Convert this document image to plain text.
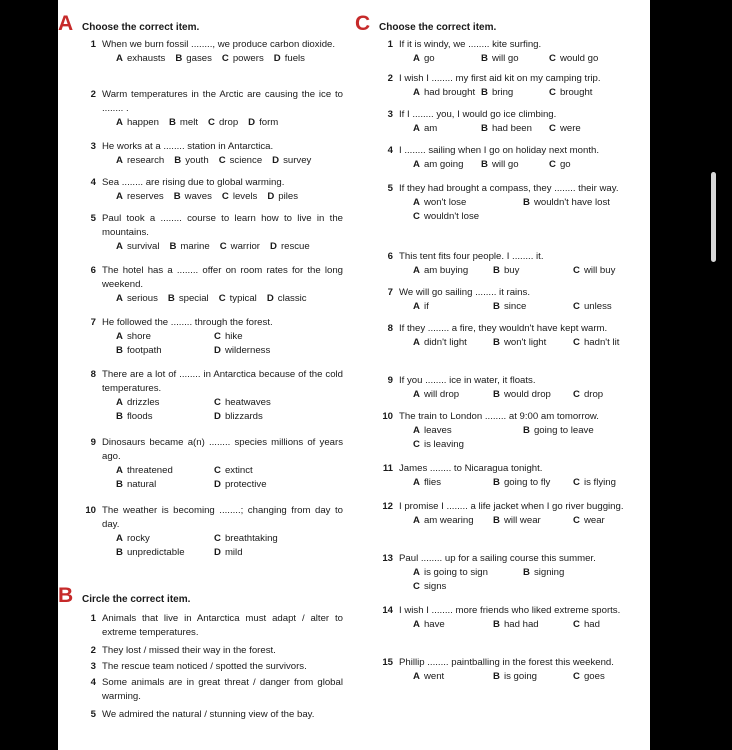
A Choose the correct item.
1 When we burn fossil ........, we produce carbon dioxide.
A exhausts B gases C powers D fuels
2 Warm temperatures in the Arctic are causing the ice to ........ .
A happen B melt C drop D form
3 He works at a ........ station in Antarctica.
A research B youth C science D survey
4 Sea ........ are rising due to global warming.
A reserves B waves C levels D piles
5 Paul took a ........ course to learn how to live in the mountains.
A survival B marine C warrior D rescue
6 The hotel has a ........ offer on room rates for the long weekend.
A serious B special C typical D classic
7 He followed the ........ through the forest.
A shore	C hike
B footpath	D wilderness
8 There are a lot of ........ in Antarctica because of the cold temperatures.
A drizzles	C heatwaves
B floods	D blizzards
9 Dinosaurs became a(n) ........ species millions of years ago.
A threatened	C extinct
B natural	D protective
10 The weather is becoming ........; changing from day to day.
A rocky	C breathtaking
B unpredictable	D mild
B Circle the correct item.
1 Animals that live in Antarctica must adapt / alter to extreme temperatures.
2 They lost / missed their way in the forest.
3 The rescue team noticed / spotted the survivors.
4 Some animals are in great threat / danger from global warming.
5 We admired the natural / stunning view of the bay.
C Choose the correct item.
1 If it is windy, we ........ kite surfing.
A go	B will go	C would go
2 I wish I ........ my first aid kit on my camping trip.
A had brought B bring	C brought
3 If I ........ you, I would go ice climbing.
A am	B had been	C were
4 I ........ sailing when I go on holiday next month.
A am going	B will go	C go
5 If they had brought a compass, they ........ their way.
A won't lose	B wouldn't have lost
C wouldn't lose
6 This tent fits four people. I ........ it.
A am buying	B buy	C will buy
7 We will go sailing ........ it rains.
A if	B since	C unless
8 If they ........ a fire, they wouldn't have kept warm.
A didn't light	B won't light	C hadn't lit
9 If you ........ ice in water, it floats.
A will drop	B would drop	C drop
10 The train to London ........ at 9:00 am tomorrow.
A leaves	B going to leave
C is leaving
11 James ........ to Nicaragua tonight.
A flies	B going to fly	C is flying
12 I promise I ........ a life jacket when I go river bugging.
A am wearing	B will wear	C wear
13 Paul ........ up for a sailing course this summer.
A is going to sign	B signing
C signs
14 I wish I ........ more friends who liked extreme sports.
A have	B had had	C had
15 Phillip ........ paintballing in the forest this weekend.
A went	B is going	C goes
